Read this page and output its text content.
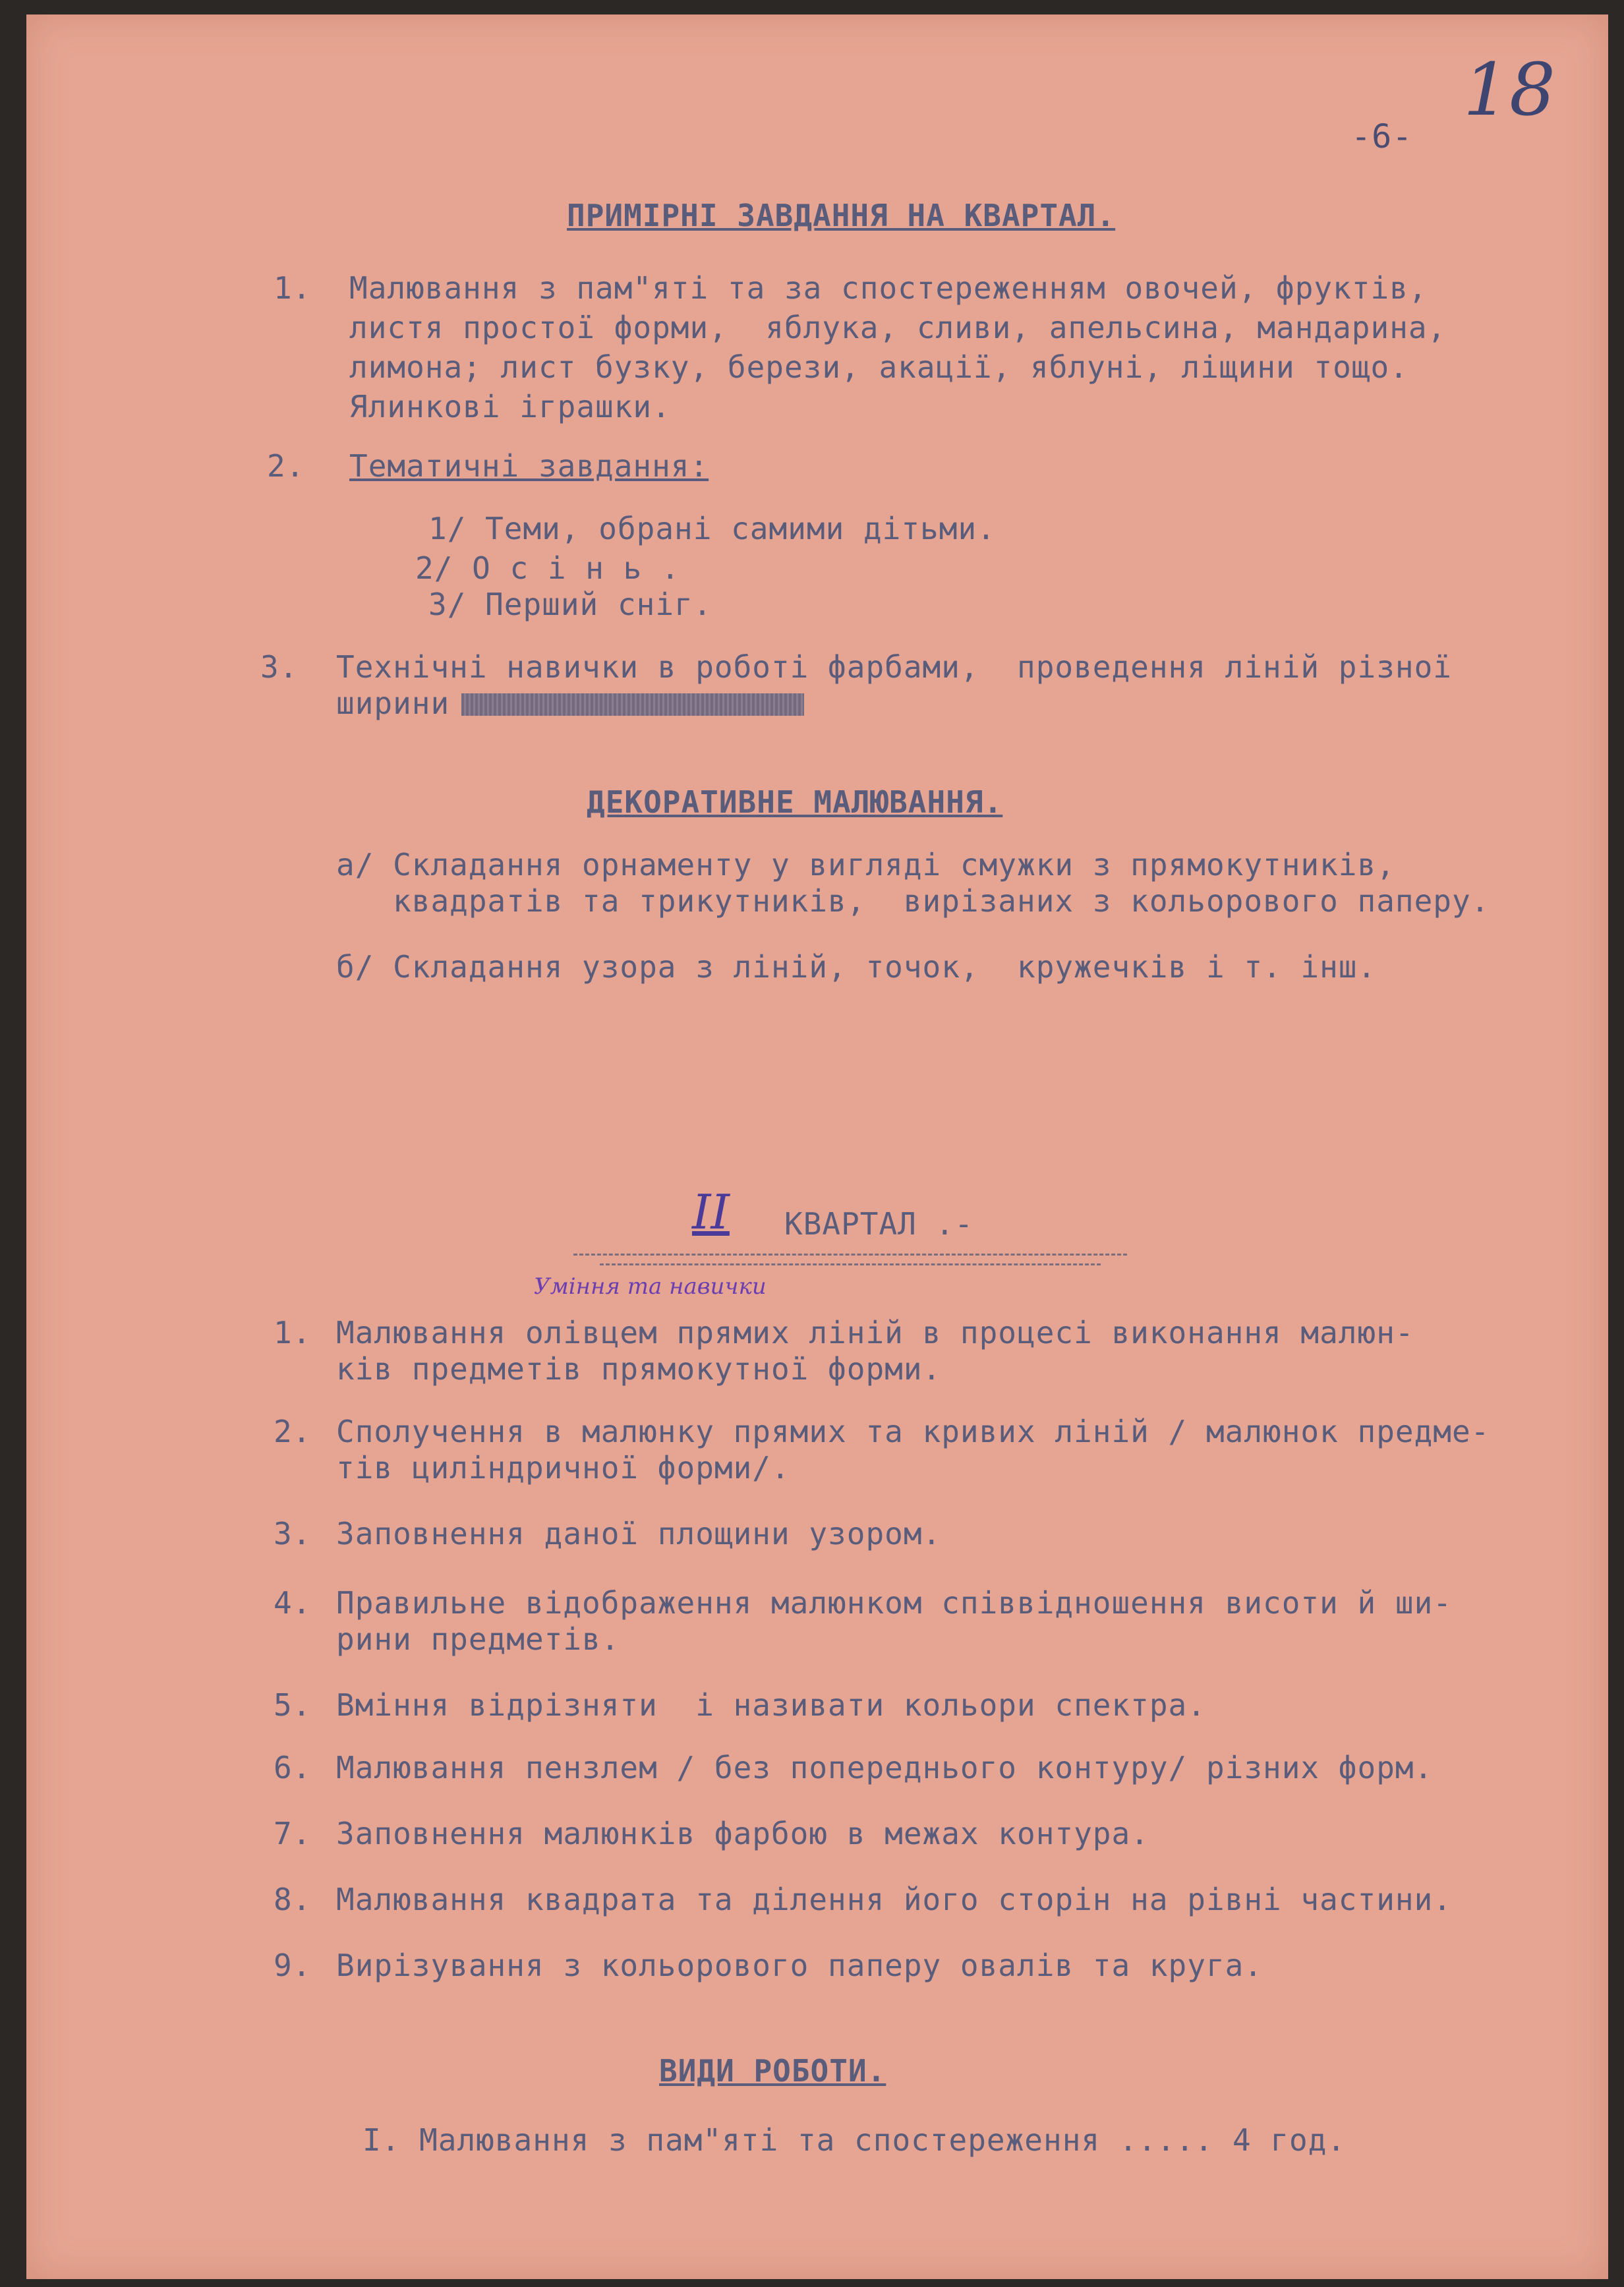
-6-
18
ПРИМІРНІ ЗАВДАННЯ НА КВАРТАЛ.
1. Малювання з пам"яті та за спостереженням овочей, фруктів,
листя простої форми,  яблука, сливи, апельсина, мандарина,
лимона; лист бузку, берези, акації, яблуні, ліщини тощо.
Ялинкові іграшки.
2. Тематичні завдання:
1/ Теми, обрані самими дітьми.
2/ О с і н ь .
3/ Перший сніг.
3. Технічні навички в роботі фарбами,  проведення ліній різної
ширини
ДЕКОРАТИВНЕ МАЛЮВАННЯ.
а/ Складання орнаменту у вигляді смужки з прямокутників,
квадратів та трикутників,  вирізаних з кольорового паперу.
б/ Складання узора з ліній, точок,  кружечків і т. інш.
II КВАРТАЛ .-
Уміння та навички
1. Малювання олівцем прямих ліній в процесі виконання малюн-
ків предметів прямокутної форми.
2. Сполучення в малюнку прямих та кривих ліній / малюнок предме-
тів циліндричної форми/.
3. Заповнення даної площини узором.
4. Правильне відображення малюнком співвідношення висоти й ши-
рини предметів.
5. Вміння відрізняти  і називати кольори спектра.
6. Малювання пензлем / без попереднього контуру/ різних форм.
7. Заповнення малюнків фарбою в межах контура.
8. Малювання квадрата та ділення його сторін на рівні частини.
9. Вирізування з кольорового паперу овалів та круга.
ВИДИ РОБОТИ.
І. Малювання з пам"яті та спостереження ..... 4 год.
